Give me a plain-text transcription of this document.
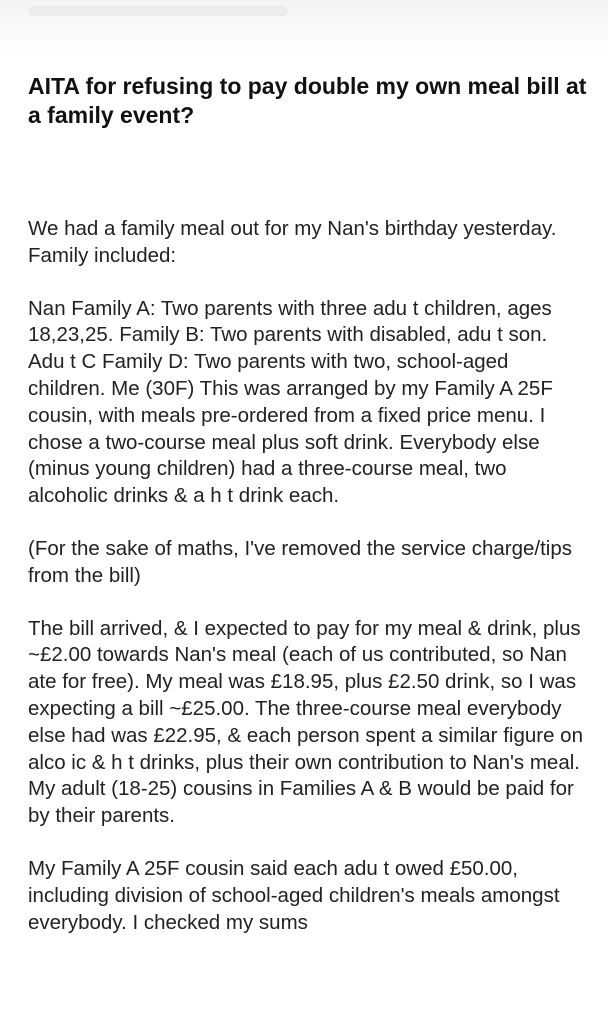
AITA for refusing to pay double my own meal bill at a family event?

We had a family meal out for my Nan's birthday yesterday. Family included:

Nan Family A: Two parents with three adu t children, ages 18,23,25. Family B: Two parents with disabled, adu t son. Adu t C Family D: Two parents with two, school-aged children. Me (30F) This was arranged by my Family A 25F cousin, with meals pre-ordered from a fixed price menu. I chose a two-course meal plus soft drink. Everybody else (minus young children) had a three-course meal, two alcoholic drinks & a h t drink each.

(For the sake of maths, I've removed the service charge/tips from the bill)

The bill arrived, & I expected to pay for my meal & drink, plus ~£2.00 towards Nan's meal (each of us contributed, so Nan ate for free). My meal was £18.95, plus £2.50 drink, so I was expecting a bill ~£25.00. The three-course meal everybody else had was £22.95, & each person spent a similar figure on alco ic & h t drinks, plus their own contribution to Nan's meal. My adult (18-25) cousins in Families A & B would be paid for by their parents.

My Family A 25F cousin said each adu t owed £50.00, including division of school-aged children's meals amongst everybody. I checked my sums
